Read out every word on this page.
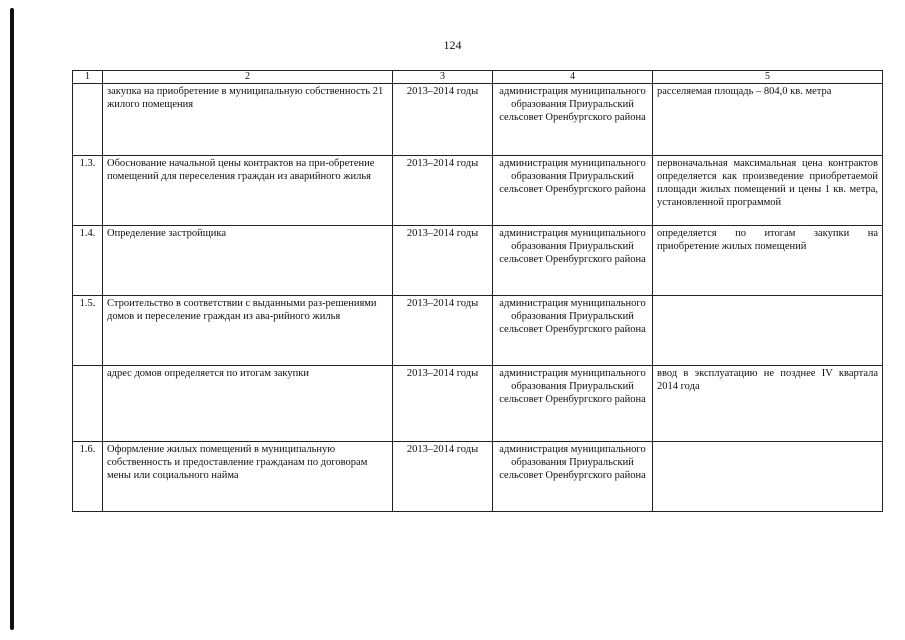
124
1	2	3	4	5
	закупка на приобретение в муниципальную собственность 21 жилого помещения	2013–2014 годы	администрация муниципального образования Приуральский сельсовет Оренбургского района	расселяемая площадь – 804,0 кв. метра
1.3.	Обоснование начальной цены контрактов на при-обретение помещений для переселения граждан из аварийного жилья	2013–2014 годы	администрация муниципального образования Приуральский сельсовет Оренбургского района	первоначальная максимальная цена контрактов определяется как произведение приобретаемой площади жилых помещений и цены 1 кв. метра, установленной программой
1.4.	Определение застройщика	2013–2014 годы	администрация муниципального образования Приуральский сельсовет Оренбургского района	определяется по итогам закупки на приобретение жилых помещений
1.5.	Строительство в соответствии с выданными раз-решениями домов и переселение граждан из ава-рийного жилья	2013–2014 годы	администрация муниципального образования Приуральский сельсовет Оренбургского района	
	адрес домов определяется по итогам закупки	2013–2014 годы	администрация муниципального образования Приуральский сельсовет Оренбургского района	ввод в эксплуатацию не позднее IV квартала 2014 года
1.6.	Оформление жилых помещений в муниципальную собственность и предоставление гражданам по договорам мены или социального найма	2013–2014 годы	администрация муниципального образования Приуральский сельсовет Оренбургского района	
